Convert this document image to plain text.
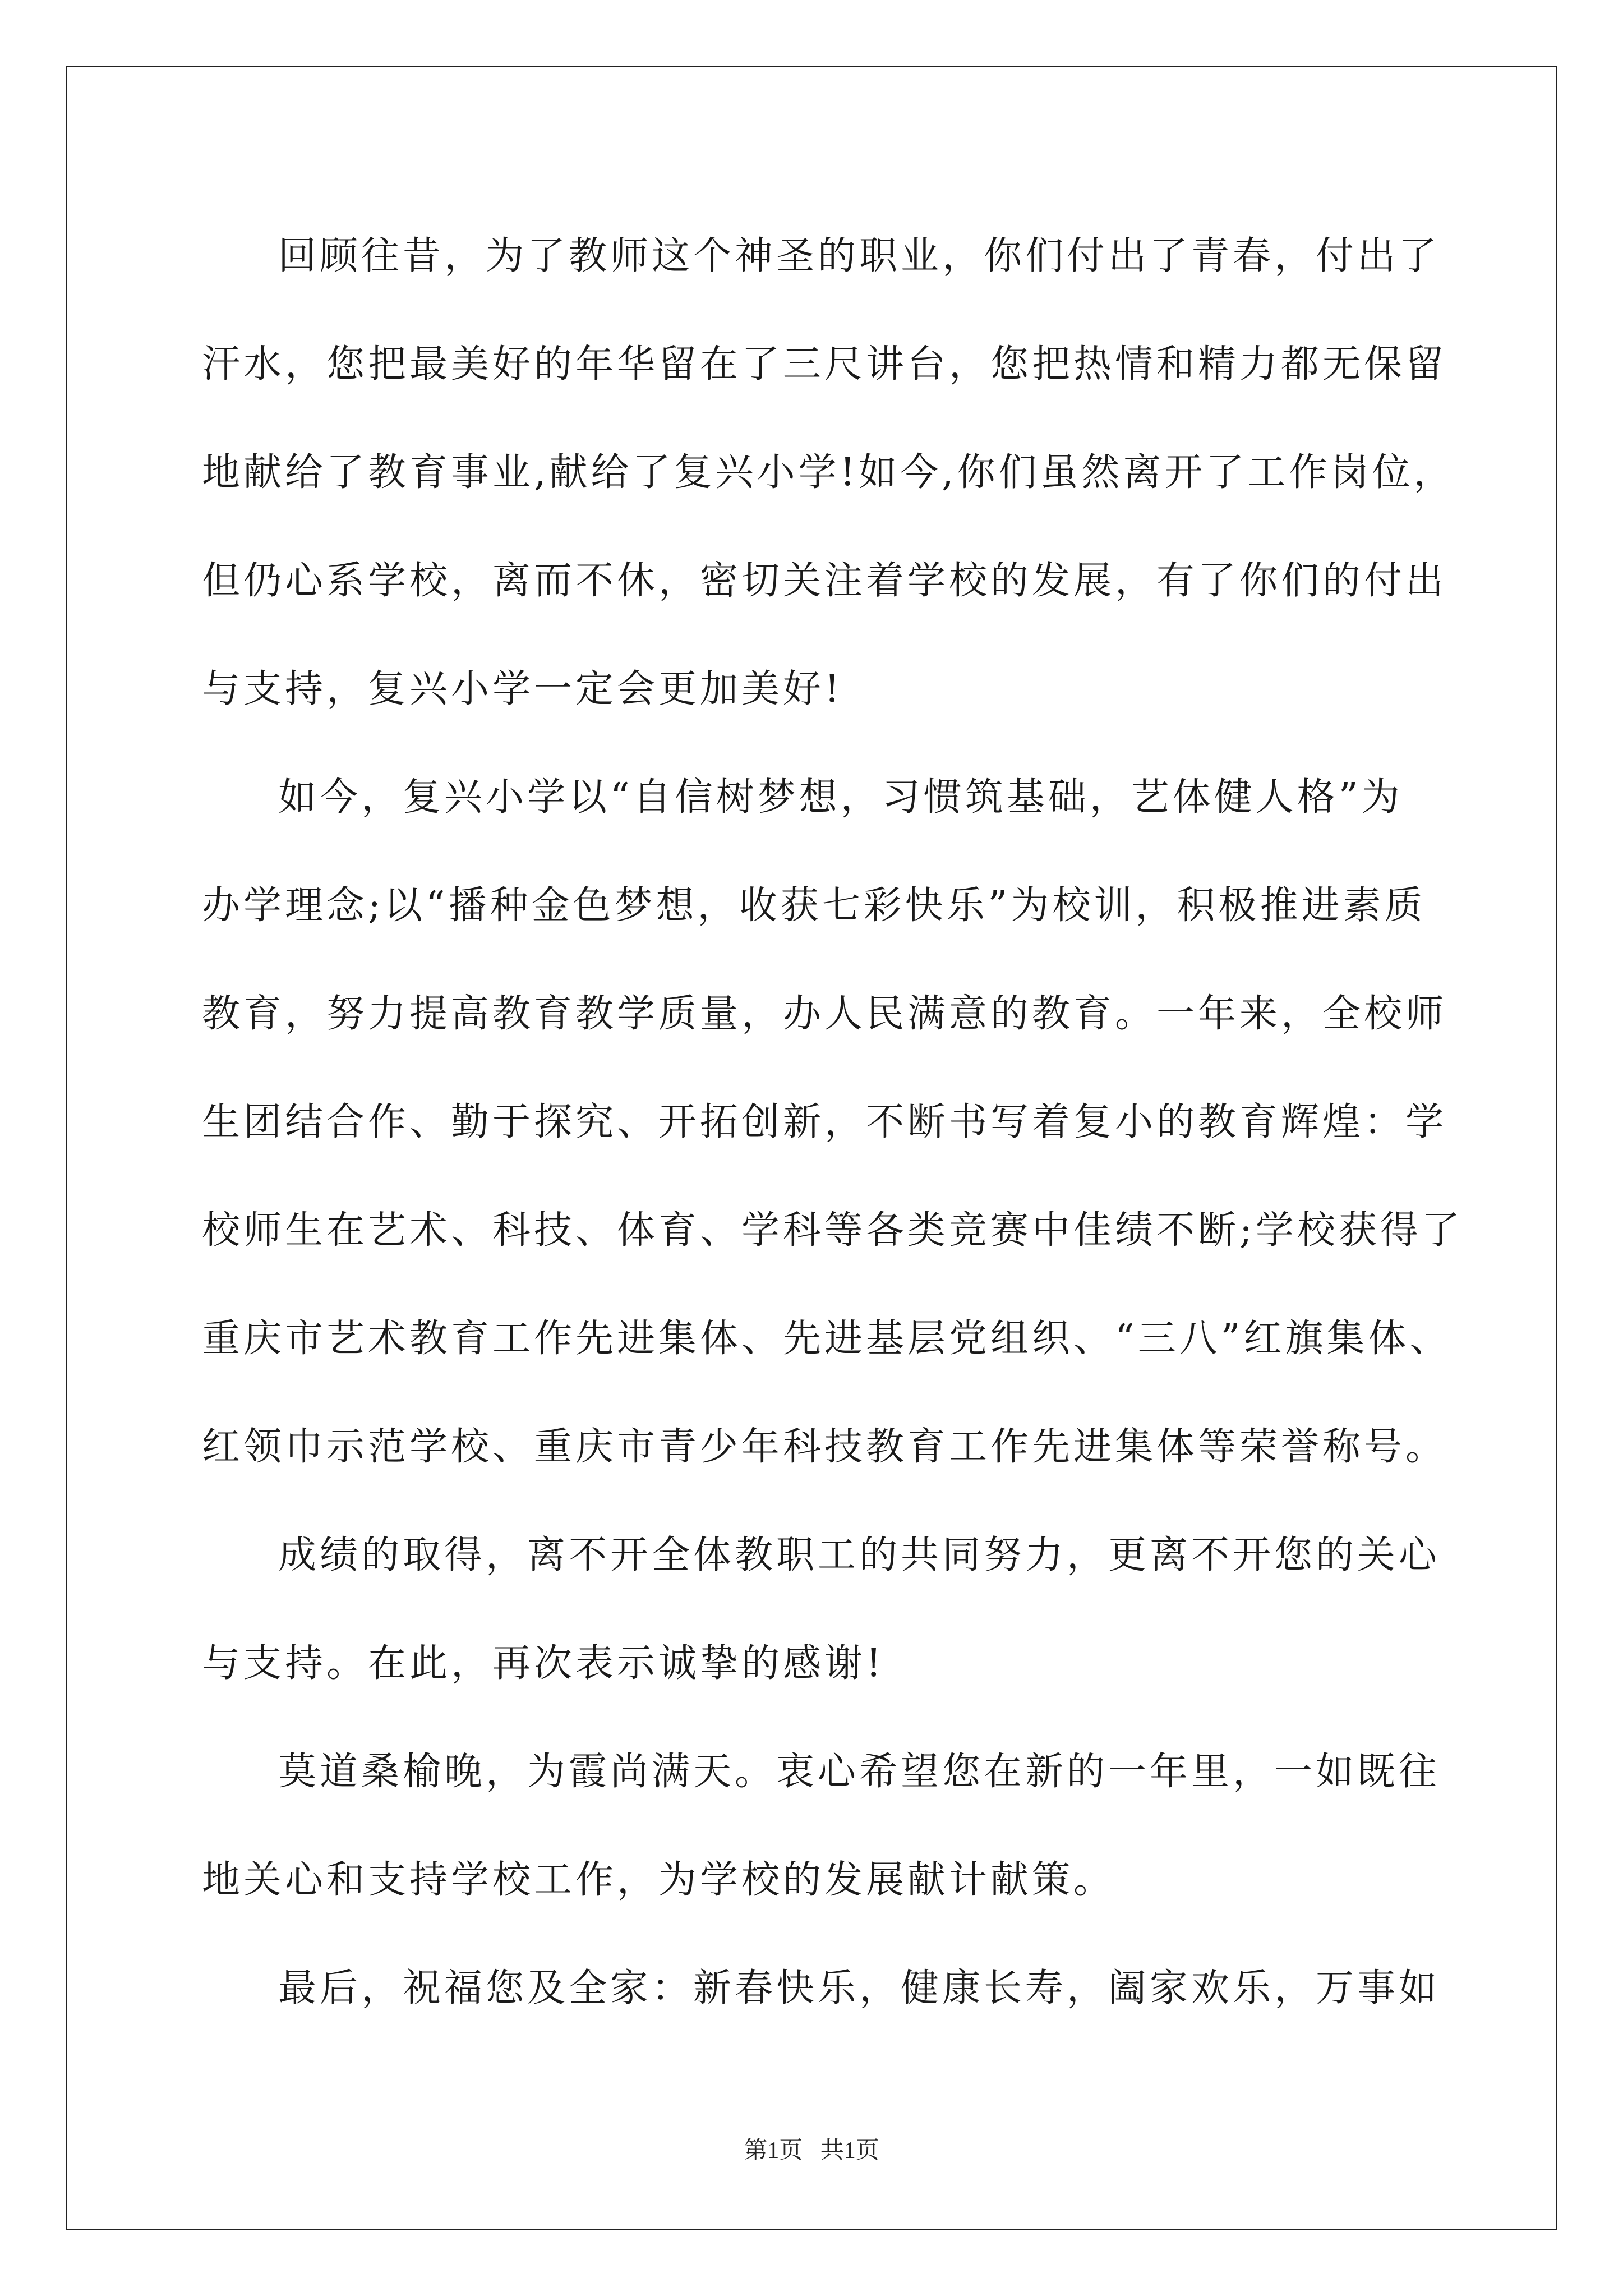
回顾往昔，为了教师这个神圣的职业，你们付出了青春，付出了
汗水，您把最美好的年华留在了三尺讲台，您把热情和精力都无保留
地献给了教育事业,献给了复兴小学!如今,你们虽然离开了工作岗位，
但仍心系学校，离而不休，密切关注着学校的发展，有了你们的付出
与支持，复兴小学一定会更加美好!
如今，复兴小学以“自信树梦想，习惯筑基础，艺体健人格”为
办学理念;以“播种金色梦想，收获七彩快乐”为校训，积极推进素质
教育，努力提高教育教学质量，办人民满意的教育。一年来，全校师
生团结合作、勤于探究、开拓创新，不断书写着复小的教育辉煌：学
校师生在艺术、科技、体育、学科等各类竞赛中佳绩不断;学校获得了
重庆市艺术教育工作先进集体、先进基层党组织、“三八”红旗集体、
红领巾示范学校、重庆市青少年科技教育工作先进集体等荣誉称号。
成绩的取得，离不开全体教职工的共同努力，更离不开您的关心
与支持。在此，再次表示诚挚的感谢!
莫道桑榆晚，为霞尚满天。衷心希望您在新的一年里，一如既往
地关心和支持学校工作，为学校的发展献计献策。
最后，祝福您及全家：新春快乐，健康长寿，阖家欢乐，万事如
第1页   共1页
